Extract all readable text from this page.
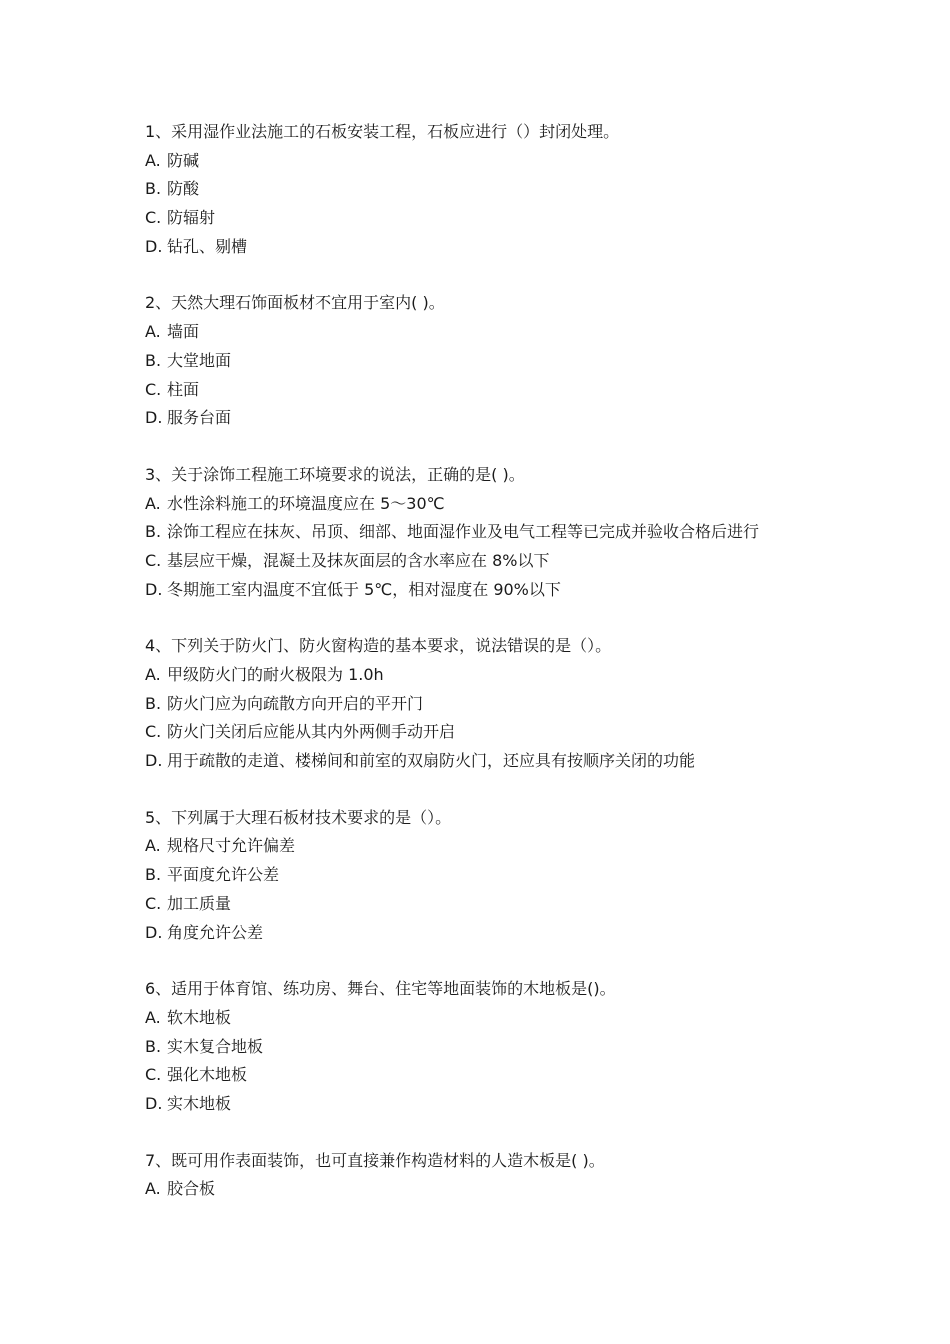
1、采用湿作业法施工的石板安装工程，石板应进行（）封闭处理。
A. 防碱
B. 防酸
C. 防辐射
D. 钻孔、剔槽
2、天然大理石饰面板材不宜用于室内( )。
A. 墙面
B. 大堂地面
C. 柱面
D. 服务台面
3、关于涂饰工程施工环境要求的说法，正确的是( )。
A. 水性涂料施工的环境温度应在 5～30℃
B. 涂饰工程应在抹灰、吊顶、细部、地面湿作业及电气工程等已完成并验收合格后进行
C. 基层应干燥，混凝土及抹灰面层的含水率应在 8%以下
D. 冬期施工室内温度不宜低于 5℃，相对湿度在 90%以下
4、下列关于防火门、防火窗构造的基本要求，说法错误的是（）。
A. 甲级防火门的耐火极限为 1.0h
B. 防火门应为向疏散方向开启的平开门
C. 防火门关闭后应能从其内外两侧手动开启
D. 用于疏散的走道、楼梯间和前室的双扇防火门，还应具有按顺序关闭的功能
5、下列属于大理石板材技术要求的是（）。
A. 规格尺寸允许偏差
B. 平面度允许公差
C. 加工质量
D. 角度允许公差
6、适用于体育馆、练功房、舞台、住宅等地面装饰的木地板是()。
A. 软木地板
B. 实木复合地板
C. 强化木地板
D. 实木地板
7、既可用作表面装饰，也可直接兼作构造材料的人造木板是( )。
A. 胶合板
